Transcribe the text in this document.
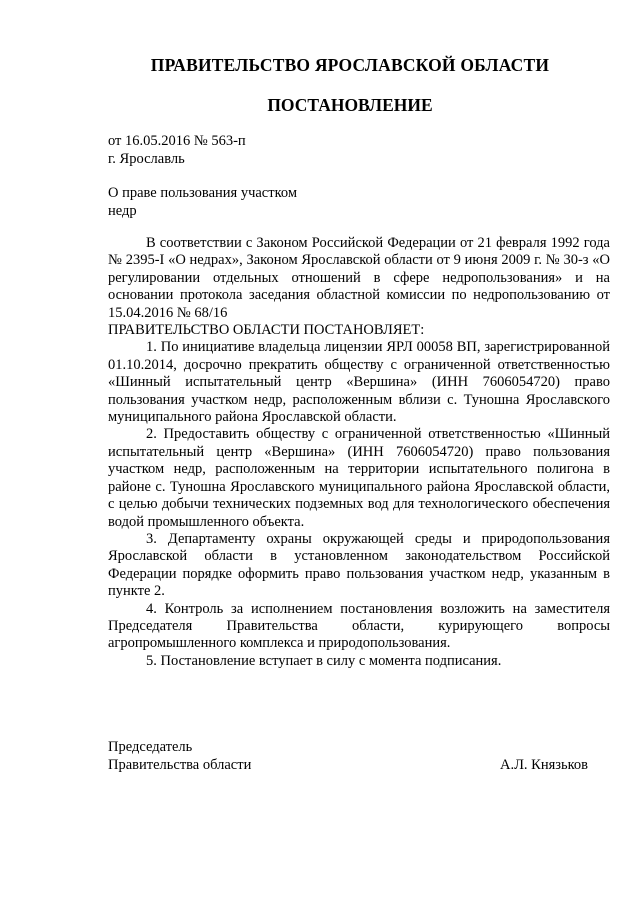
ПРАВИТЕЛЬСТВО ЯРОСЛАВСКОЙ ОБЛАСТИ
ПОСТАНОВЛЕНИЕ
от 16.05.2016 № 563-п
г. Ярославль
О праве пользования участком
недр

В соответствии с Законом Российской Федерации от 21 февраля 1992 года № 2395-I «О недрах», Законом Ярославской области от 9 июня 2009 г. № 30-з «О регулировании отдельных отношений в сфере недропользования» и на основании протокола заседания областной комиссии по недропользованию от 15.04.2016 № 68/16

ПРАВИТЕЛЬСТВО ОБЛАСТИ ПОСТАНОВЛЯЕТ:

1. По инициативе владельца лицензии ЯРЛ 00058 ВП, зарегистрированной 01.10.2014, досрочно прекратить обществу с ограниченной ответственностью «Шинный испытательный центр «Вершина» (ИНН 7606054720) право пользования участком недр, расположенным вблизи с. Туношна Ярославского муниципального района Ярославской области.

2. Предоставить обществу с ограниченной ответственностью «Шинный испытательный центр «Вершина» (ИНН 7606054720) право пользования участком недр, расположенным на территории испытательного полигона в районе с. Туношна Ярославского муниципального района Ярославской области, с целью добычи технических подземных вод для технологического обеспечения водой промышленного объекта.

3. Департаменту охраны окружающей среды и природопользования Ярославской области в установленном законодательством Российской Федерации порядке оформить право пользования участком недр, указанным в пункте 2.

4. Контроль за исполнением постановления возложить на заместителя Председателя Правительства области, курирующего вопросы агропромышленного комплекса и природопользования.

5. Постановление вступает в силу с момента подписания.

Председатель
Правительства области	А.Л. Князьков
